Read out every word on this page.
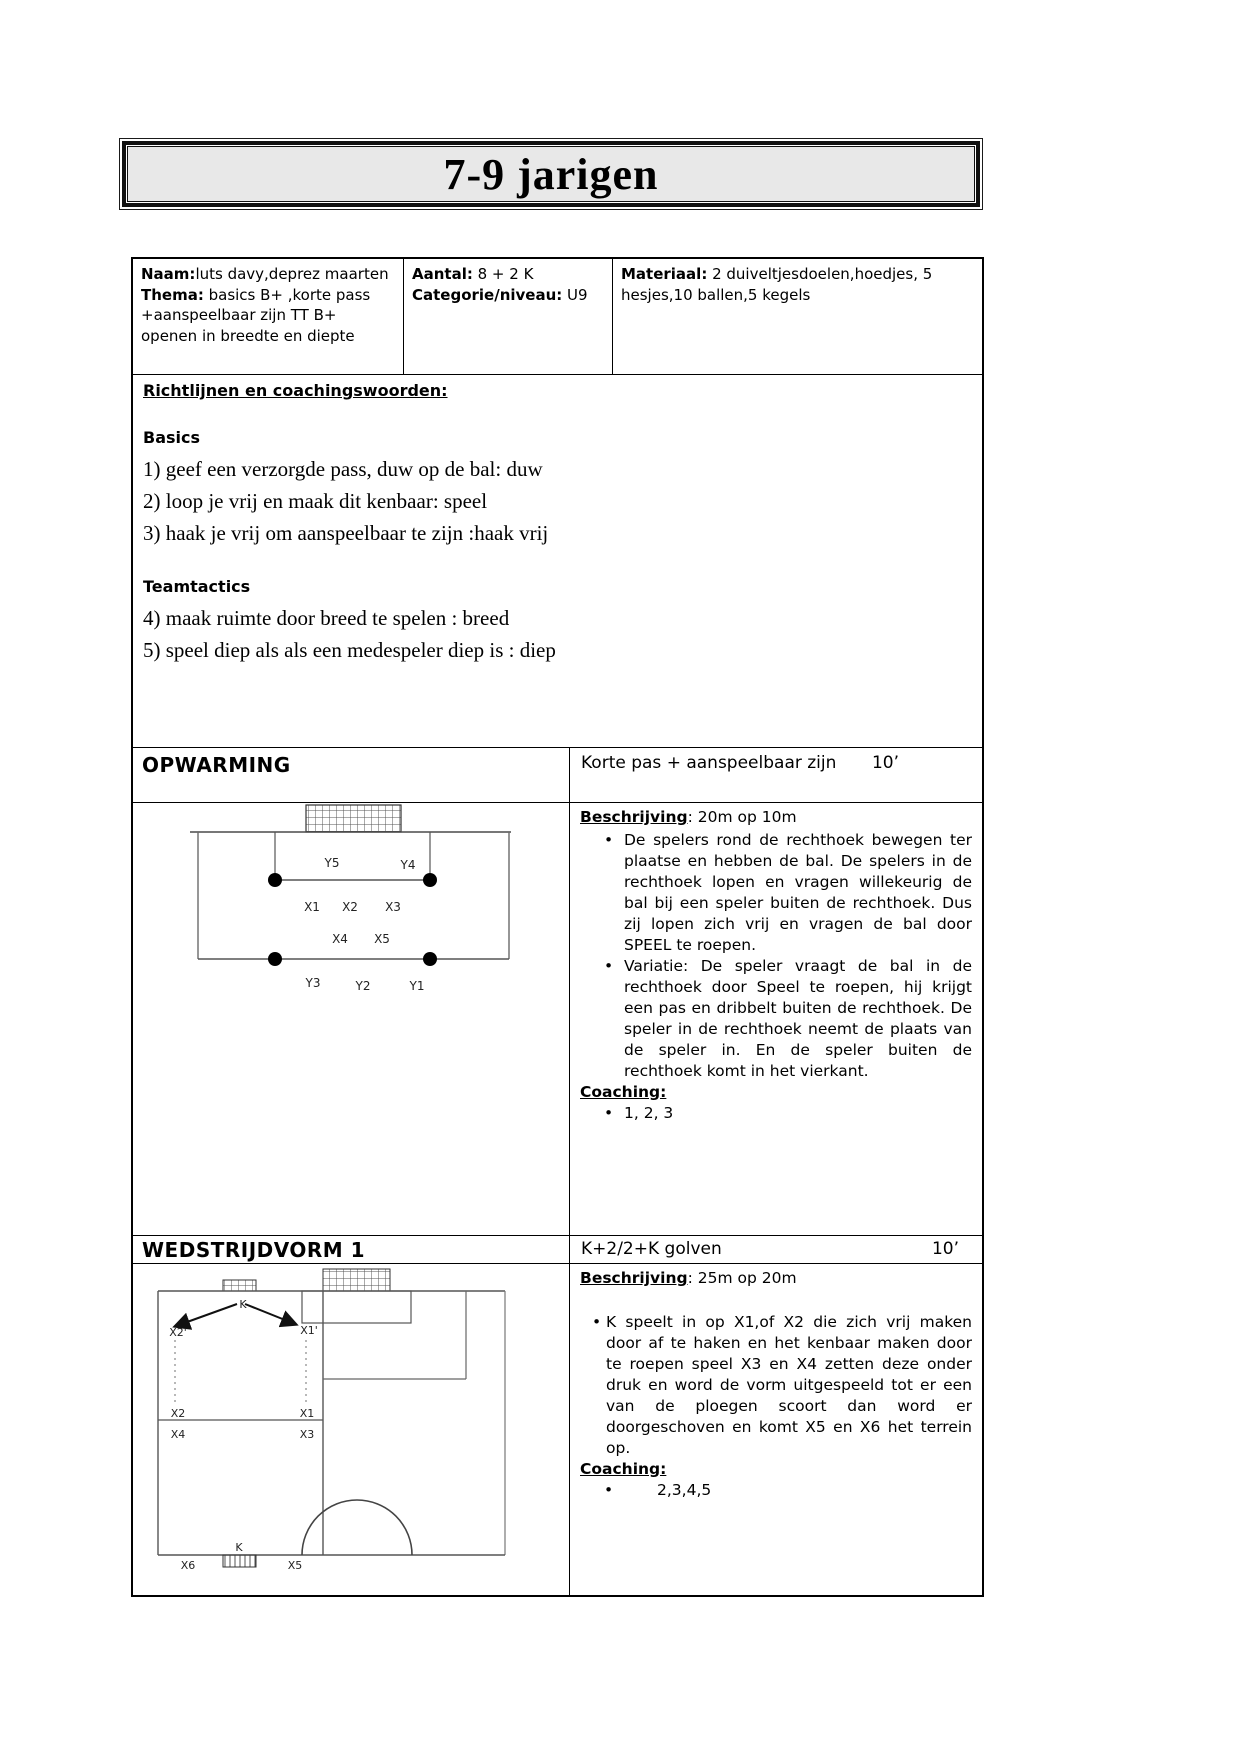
7-9 jarigen
Naam:luts davy,deprez maarten
Thema: basics B+ ,korte pass +aanspeelbaar zijn TT B+ openen in breedte en diepte
Aantal: 8 + 2 K
Categorie/niveau: U9
Materiaal: 2 duiveltjesdoelen,hoedjes, 5 hesjes,10 ballen,5 kegels
Richtlijnen en coachingswoorden:
Basics
1) geef een verzorgde pass, duw op de bal: duw
2) loop je vrij en maak dit kenbaar: speel
3) haak je vrij om aanspeelbaar te zijn :haak vrij
Teamtactics
4) maak ruimte door breed te spelen : breed
5) speel diep als als een medespeler diep is : diep
OPWARMING	Korte pas + aanspeelbaar zijn 10’
Y5	Y4
X1 X2 X3
X4 X5
Y3	Y2	Y1
Beschrijving: 20m op 10m
• De spelers rond de rechthoek bewegen ter plaatse en hebben de bal. De spelers in de rechthoek lopen en vragen willekeurig de bal bij een speler buiten de rechthoek. Dus zij lopen zich vrij en vragen de bal door SPEEL te roepen.
• Variatie: De speler vraagt de bal in de rechthoek door Speel te roepen, hij krijgt een pas en dribbelt buiten de rechthoek. De speler in de rechthoek neemt de plaats van de speler in. En de speler buiten de rechthoek komt in het vierkant.
Coaching:
• 1, 2, 3
WEDSTRIJDVORM 1	K+2/2+K golven	10’
K
X2'	X1'
X2	X1
X4	X3
K
X6	X5
Beschrijving: 25m op 20m
• K speelt in op X1,of X2 die zich vrij maken door af te haken en het kenbaar maken door te roepen speel X3 en X4 zetten deze onder druk en word de vorm uitgespeeld tot er een van de ploegen scoort dan word er doorgeschoven en komt X5 en X6 het terrein op.
Coaching:
• 2,3,4,5
